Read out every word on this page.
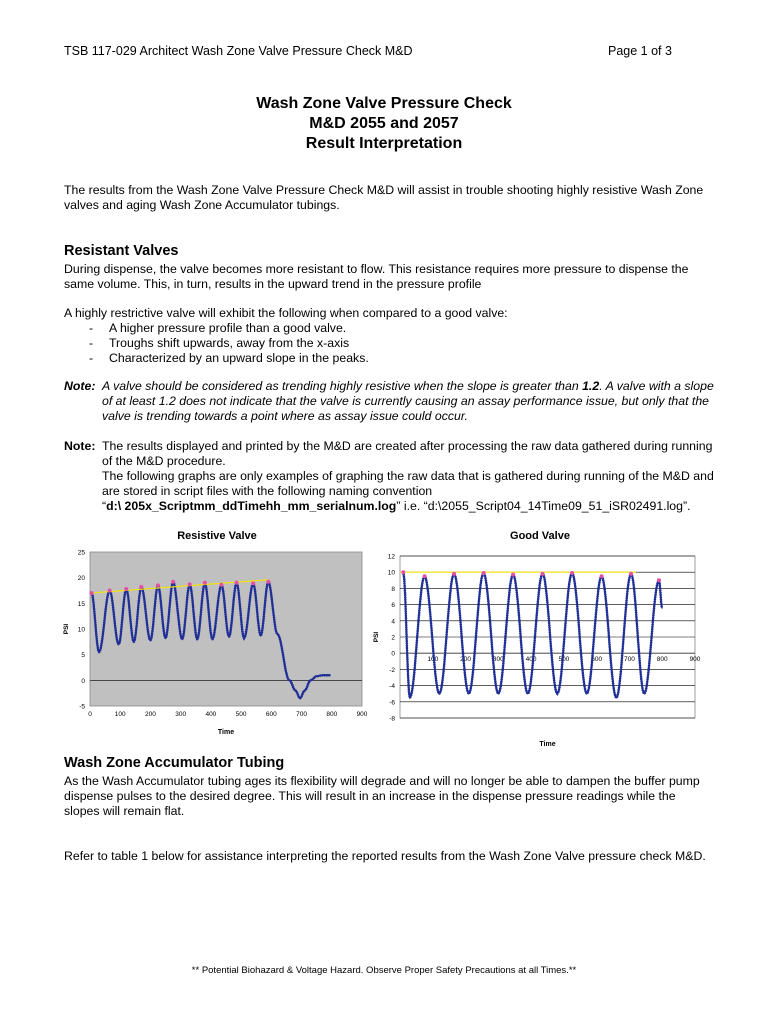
TSB 117-029 Architect Wash Zone Valve Pressure Check M&D	Page 1 of 3
Wash Zone Valve Pressure Check
M&D 2055 and 2057
Result Interpretation
The results from the Wash Zone Valve Pressure Check M&D will assist in trouble shooting highly resistive Wash Zone valves and aging Wash Zone Accumulator tubings.
Resistant Valves
During dispense, the valve becomes more resistant to flow. This resistance requires more pressure to dispense the same volume. This, in turn, results in the upward trend in the pressure profile
A highly restrictive valve will exhibit the following when compared to a good valve:
- A higher pressure profile than a good valve.
- Troughs shift upwards, away from the x-axis
- Characterized by an upward slope in the peaks.
Note: A valve should be considered as trending highly resistive when the slope is greater than 1.2. A valve with a slope of at least 1.2 does not indicate that the valve is currently causing an assay performance issue, but only that the valve is trending towards a point where as assay issue could occur.
Note: The results displayed and printed by the M&D are created after processing the raw data gathered during running of the M&D procedure.
The following graphs are only examples of graphing the raw data that is gathered during running of the M&D and are stored in script files with the following naming convention
“d:\ 205x_Scriptmm_ddTimehh_mm_serialnum.log” i.e. “d:\2055_Script04_14Time09_51_iSR02491.log”.
Resistive Valve
25
20
15
10
5
0
-5
0	100	200	300	400	500	600	700	800	900
Time
PSI
Good Valve
12
10
8
6
4
2
0
-2
-4
-6
-8
100	200	300	400	500	600	700	800	900
Time
PSI
Wash Zone Accumulator Tubing
As the Wash Accumulator tubing ages its flexibility will degrade and will no longer be able to dampen the buffer pump dispense pulses to the desired degree. This will result in an increase in the dispense pressure readings while the slopes will remain flat.
Refer to table 1 below for assistance interpreting the reported results from the Wash Zone Valve pressure check M&D.
** Potential Biohazard & Voltage Hazard. Observe Proper Safety Precautions at all Times.**
